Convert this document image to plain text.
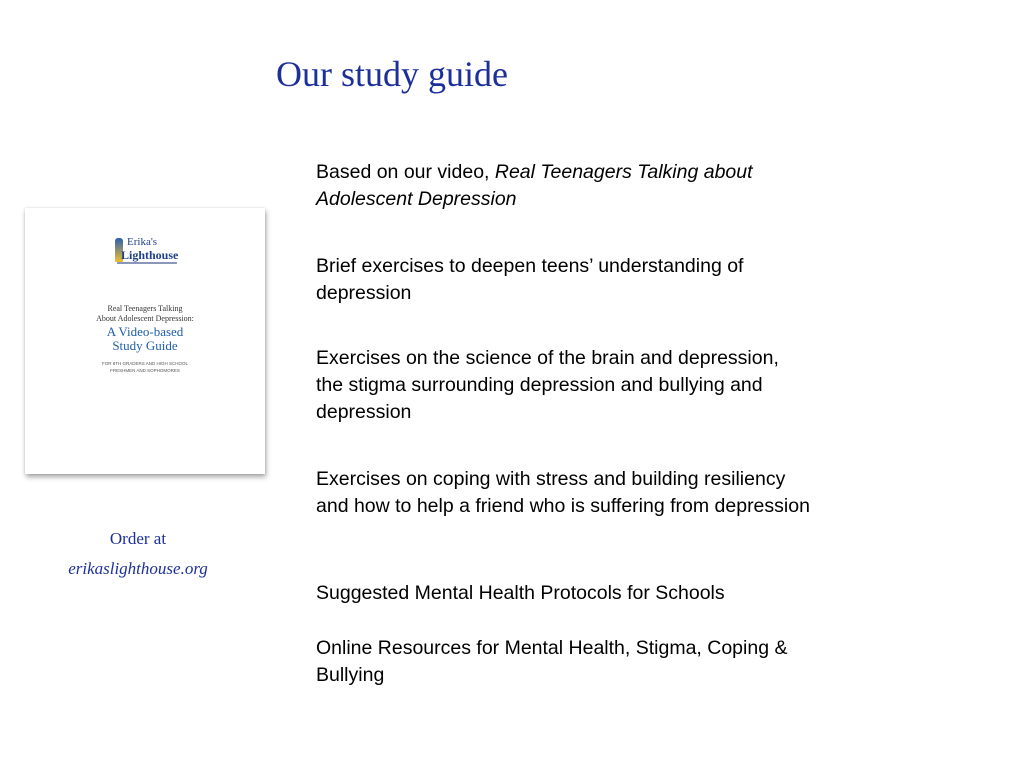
Our study guide
Erika's
Lighthouse
Real Teenagers Talking
About Adolescent Depression:
A Video-based
Study Guide
FOR 8TH GRADERS AND HIGH SCHOOL
FRESHMEN AND SOPHOMORES
Order at
erikaslighthouse.org
Based on our video, Real Teenagers Talking about Adolescent Depression
Brief exercises to deepen teens’ understanding of depression
Exercises on the science of the brain and depression, the stigma surrounding depression and bullying and depression
Exercises on coping with stress and building resiliency and how to help a friend who is suffering from depression
Suggested Mental Health Protocols for Schools
Online Resources for Mental Health, Stigma, Coping & Bullying
